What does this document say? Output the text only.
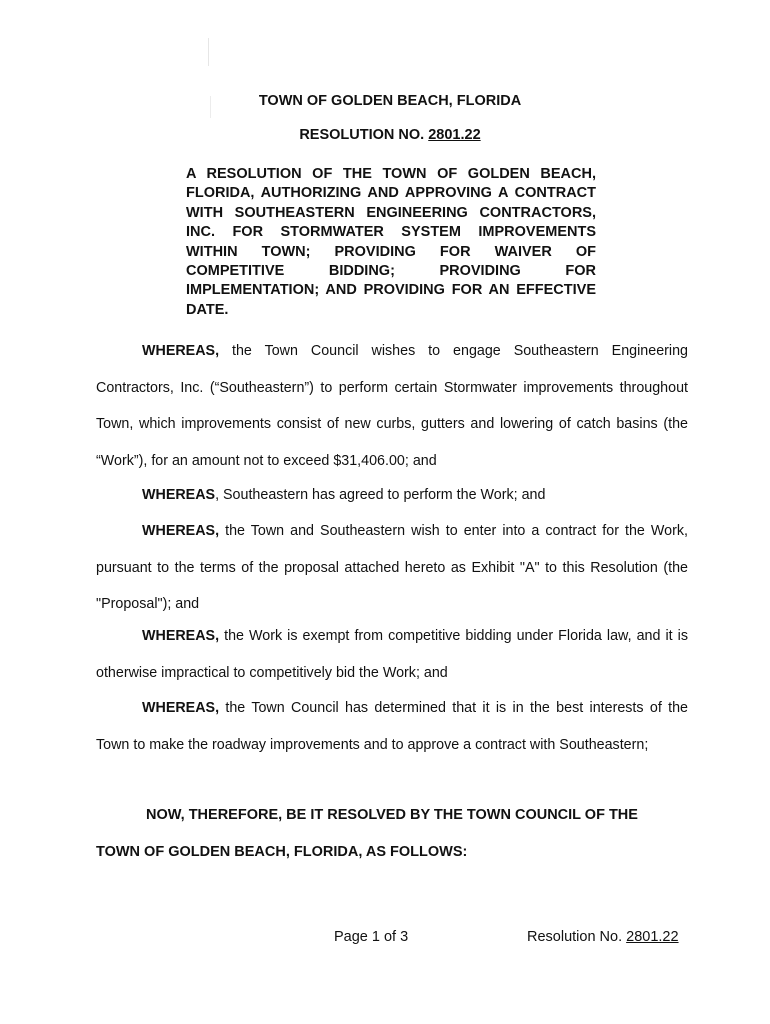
TOWN OF GOLDEN BEACH, FLORIDA
RESOLUTION NO. 2801.22
A RESOLUTION OF THE TOWN OF GOLDEN BEACH, FLORIDA, AUTHORIZING AND APPROVING A CONTRACT WITH SOUTHEASTERN ENGINEERING CONTRACTORS, INC. FOR STORMWATER SYSTEM IMPROVEMENTS WITHIN TOWN; PROVIDING FOR WAIVER OF COMPETITIVE BIDDING; PROVIDING FOR IMPLEMENTATION; AND PROVIDING FOR AN EFFECTIVE DATE.
WHEREAS, the Town Council wishes to engage Southeastern Engineering Contractors, Inc. (“Southeastern”) to perform certain Stormwater improvements throughout Town, which improvements consist of new curbs, gutters and lowering of catch basins (the “Work”), for an amount not to exceed $31,406.00; and
WHEREAS, Southeastern has agreed to perform the Work; and
WHEREAS, the Town and Southeastern wish to enter into a contract for the Work, pursuant to the terms of the proposal attached hereto as Exhibit "A" to this Resolution (the "Proposal"); and
WHEREAS, the Work is exempt from competitive bidding under Florida law, and it is otherwise impractical to competitively bid the Work; and
WHEREAS, the Town Council has determined that it is in the best interests of the Town to make the roadway improvements and to approve a contract with Southeastern;
NOW, THEREFORE, BE IT RESOLVED BY THE TOWN COUNCIL OF THE
TOWN OF GOLDEN BEACH, FLORIDA, AS FOLLOWS:
Page 1 of 3	Resolution No. 2801.22
